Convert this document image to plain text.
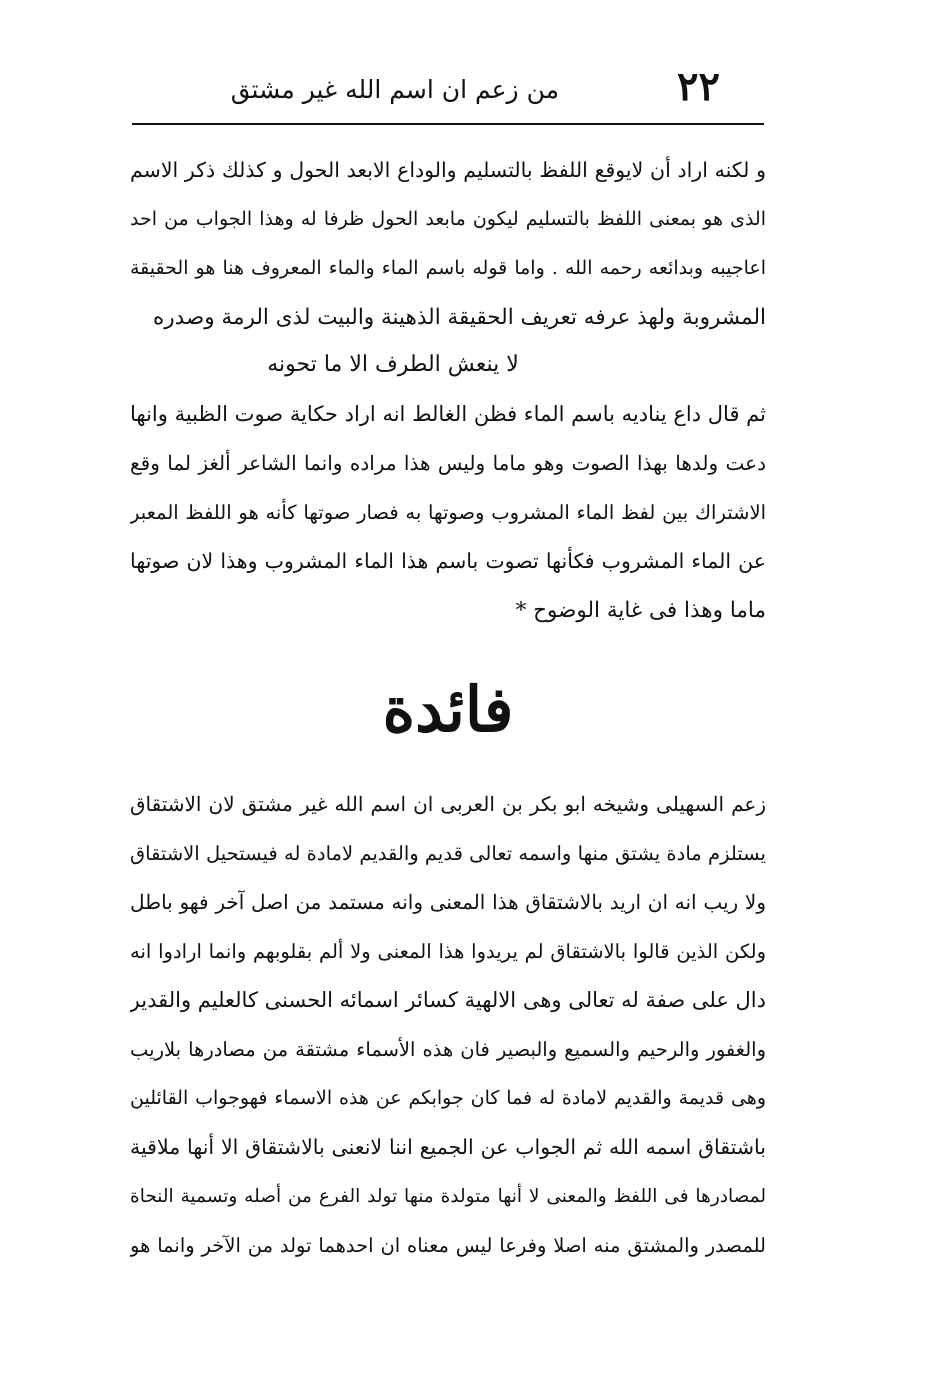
٢٢
من زعم ان اسم الله غير مشتق
و لكنه اراد أن لايوقع اللفظ بالتسليم والوداع الابعد الحول و كذلك ذكر الاسم
الذى هو بمعنى اللفظ بالتسليم ليكون مابعد الحول ظرفا له وهذا الجواب من احد
اعاجيبه وبدائعه رحمه الله . واما قوله باسم الماء والماء المعروف هنا هو الحقيقة
المشروبة ولهذ عرفه تعريف الحقيقة الذهينة والبيت لذى الرمة وصدره
لا ينعش الطرف الا ما تحونه
ثم قال داع يناديه باسم الماء فظن الغالط انه اراد حكاية صوت الظبية وانها
دعت ولدها بهذا الصوت وهو ماما وليس هذا مراده وانما الشاعر ألغز لما وقع
الاشتراك بين لفظ الماء المشروب وصوتها به فصار صوتها كأنه هو اللفظ المعبر
عن الماء المشروب فكأنها تصوت باسم هذا الماء المشروب وهذا لان صوتها
ماما وهذا فى غاية الوضوح *
فائدة
زعم السهيلى وشيخه ابو بكر بن العربى ان اسم الله غير مشتق لان الاشتقاق
يستلزم مادة يشتق منها واسمه تعالى قديم والقديم لامادة له فيستحيل الاشتقاق
ولا ريب انه ان اريد بالاشتقاق هذا المعنى وانه مستمد من اصل آخر فهو باطل
ولكن الذين قالوا بالاشتقاق لم يريدوا هذا المعنى ولا ألم بقلوبهم وانما ارادوا انه
دال على صفة له تعالى وهى الالهية كسائر اسمائه الحسنى كالعليم والقدير
والغفور والرحيم والسميع والبصير فان هذه الأسماء مشتقة من مصادرها بلاريب
وهى قديمة والقديم لامادة له فما كان جوابكم عن هذه الاسماء فهوجواب القائلين
باشتقاق اسمه الله ثم الجواب عن الجميع اننا لانعنى بالاشتقاق الا أنها ملاقية
لمصادرها فى اللفظ والمعنى لا أنها متولدة منها تولد الفرع من أصله وتسمية النحاة
للمصدر والمشتق منه اصلا وفرعا ليس معناه ان احدهما تولد من الآخر وانما هو
